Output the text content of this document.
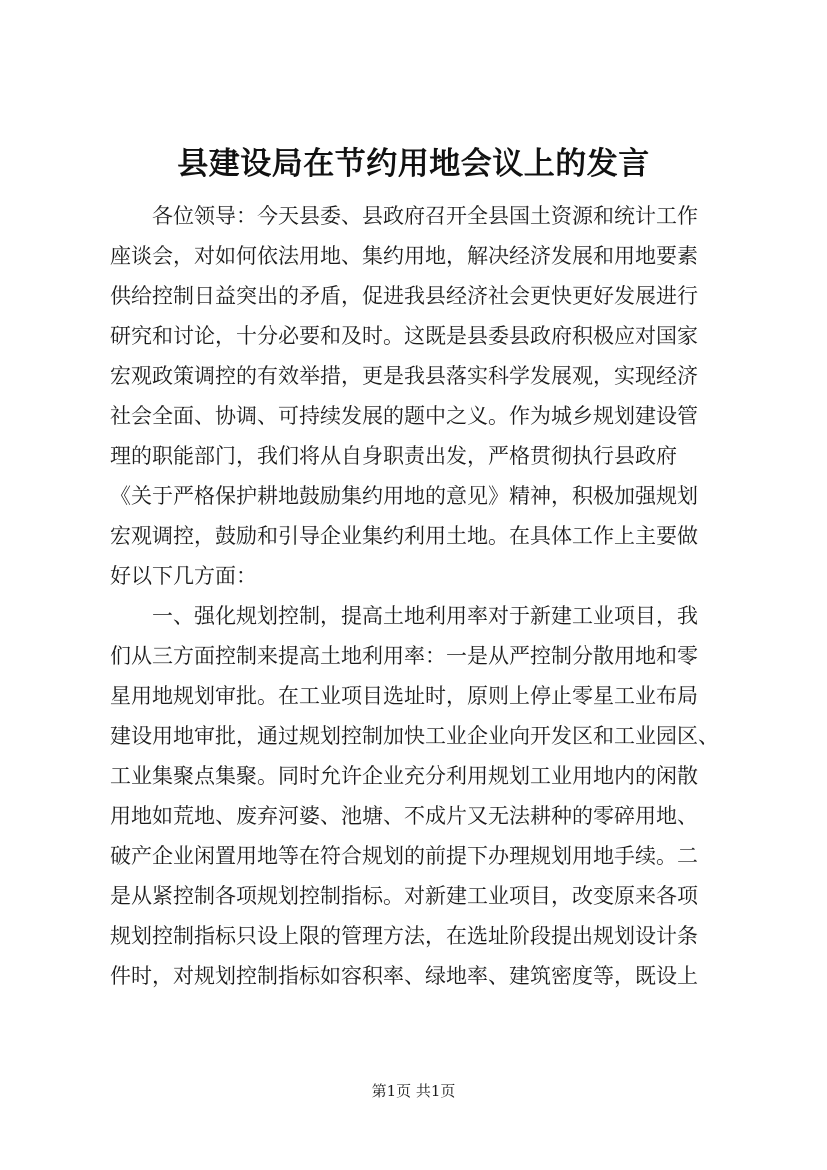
县建设局在节约用地会议上的发言
各位领导：今天县委、县政府召开全县国土资源和统计工作
座谈会，对如何依法用地、集约用地，解决经济发展和用地要素
供给控制日益突出的矛盾，促进我县经济社会更快更好发展进行
研究和讨论，十分必要和及时。这既是县委县政府积极应对国家
宏观政策调控的有效举措，更是我县落实科学发展观，实现经济
社会全面、协调、可持续发展的题中之义。作为城乡规划建设管
理的职能部门，我们将从自身职责出发，严格贯彻执行县政府
《关于严格保护耕地鼓励集约用地的意见》精神，积极加强规划
宏观调控，鼓励和引导企业集约利用土地。在具体工作上主要做
好以下几方面：
一、强化规划控制，提高土地利用率对于新建工业项目，我
们从三方面控制来提高土地利用率：一是从严控制分散用地和零
星用地规划审批。在工业项目选址时，原则上停止零星工业布局
建设用地审批，通过规划控制加快工业企业向开发区和工业园区、
工业集聚点集聚。同时允许企业充分利用规划工业用地内的闲散
用地如荒地、废弃河婆、池塘、不成片又无法耕种的零碎用地、
破产企业闲置用地等在符合规划的前提下办理规划用地手续。二
是从紧控制各项规划控制指标。对新建工业项目，改变原来各项
规划控制指标只设上限的管理方法，在选址阶段提出规划设计条
件时，对规划控制指标如容积率、绿地率、建筑密度等，既设上
第1页 共1页
